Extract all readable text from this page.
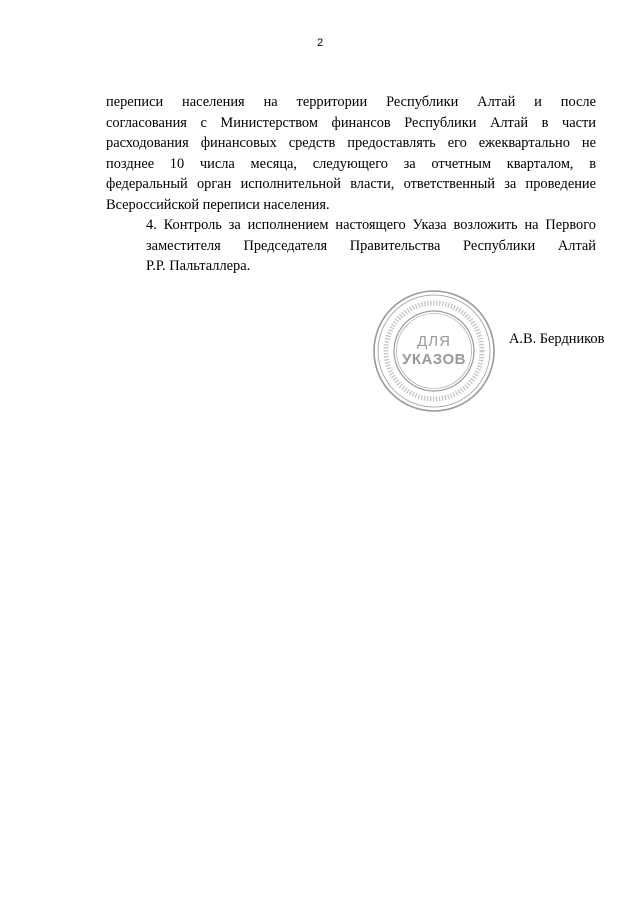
2
переписи населения на территории Республики Алтай и после
согласования с Министерством финансов Республики Алтай в части
расходования финансовых средств предоставлять его ежеквартально не
позднее 10 числа месяца, следующего за отчетным кварталом, в
федеральный орган исполнительной власти, ответственный за проведение
Всероссийской переписи населения.
4. Контроль за исполнением настоящего Указа возложить на Первого
заместителя Председателя Правительства Республики Алтай
Р.Р. Пальталлера.
ДЛЯ
УКАЗОВ
А.В. Бердников
